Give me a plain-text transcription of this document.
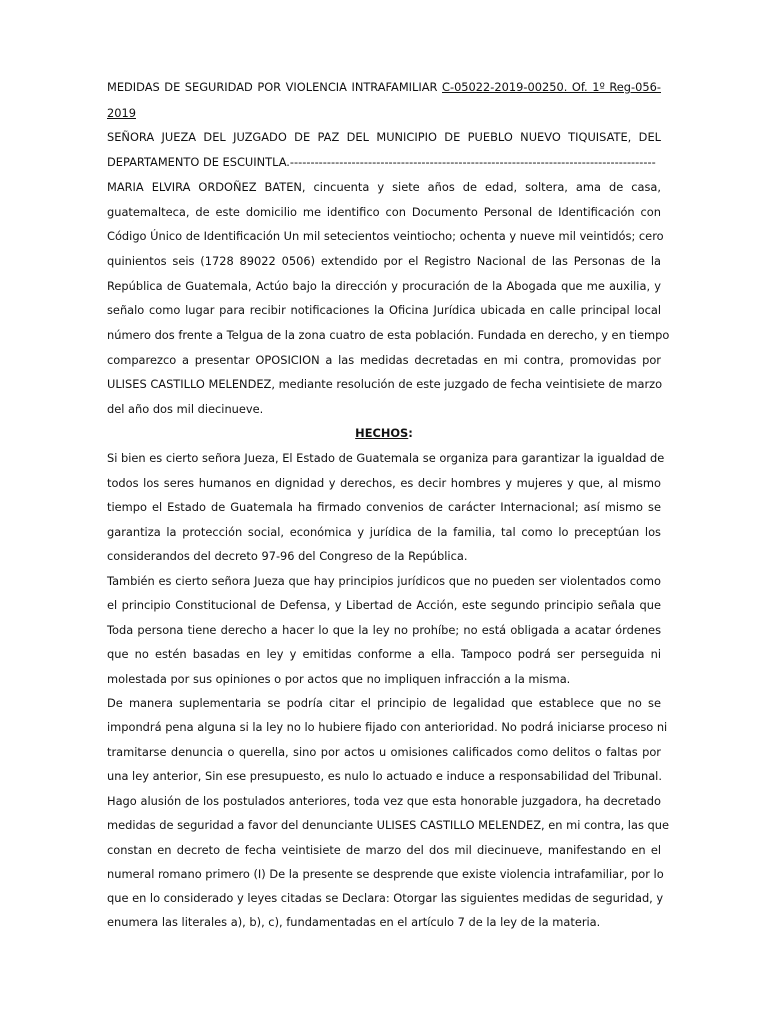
MEDIDAS DE SEGURIDAD POR VIOLENCIA INTRAFAMILIAR C-05022-2019-00250. Of. 1º Reg-056-
2019
SEÑORA JUEZA DEL JUZGADO DE PAZ DEL MUNICIPIO DE PUEBLO NUEVO TIQUISATE, DEL
DEPARTAMENTO DE ESCUINTLA.-----------------------------------------------------------------------------------------
MARIA ELVIRA ORDOÑEZ BATEN, cincuenta y siete años de edad, soltera, ama de casa,
guatemalteca, de este domicilio me identifico con Documento Personal de Identificación con
Código Único de Identificación Un mil setecientos veintiocho; ochenta y nueve mil veintidós; cero
quinientos seis (1728 89022 0506) extendido por el Registro Nacional de las Personas de la
República de Guatemala, Actúo bajo la dirección y procuración de la Abogada que me auxilia, y
señalo como lugar para recibir notificaciones la Oficina Jurídica ubicada en calle principal local
número dos frente a Telgua de la zona cuatro de esta población. Fundada en derecho, y en tiempo
comparezco a presentar OPOSICION a las medidas decretadas en mi contra, promovidas por
ULISES CASTILLO MELENDEZ, mediante resolución de este juzgado de fecha veintisiete de marzo
del año dos mil diecinueve.
HECHOS:
Si bien es cierto señora Jueza, El Estado de Guatemala se organiza para garantizar la igualdad de
todos los seres humanos en dignidad y derechos, es decir hombres y mujeres y que, al mismo
tiempo el Estado de Guatemala ha firmado convenios de carácter Internacional; así mismo se
garantiza la protección social, económica y jurídica de la familia, tal como lo preceptúan los
considerandos del decreto 97-96 del Congreso de la República.
También es cierto señora Jueza que hay principios jurídicos que no pueden ser violentados como
el principio Constitucional de Defensa, y Libertad de Acción, este segundo principio señala que
Toda persona tiene derecho a hacer lo que la ley no prohíbe; no está obligada a acatar órdenes
que no estén basadas en ley y emitidas conforme a ella. Tampoco podrá ser perseguida ni
molestada por sus opiniones o por actos que no impliquen infracción a la misma.
De manera suplementaria se podría citar el principio de legalidad que establece que no se
impondrá pena alguna si la ley no lo hubiere fijado con anterioridad. No podrá iniciarse proceso ni
tramitarse denuncia o querella, sino por actos u omisiones calificados como delitos o faltas por
una ley anterior, Sin ese presupuesto, es nulo lo actuado e induce a responsabilidad del Tribunal.
Hago alusión de los postulados anteriores, toda vez que esta honorable juzgadora, ha decretado
medidas de seguridad a favor del denunciante ULISES CASTILLO MELENDEZ, en mi contra, las que
constan en decreto de fecha veintisiete de marzo del dos mil diecinueve, manifestando en el
numeral romano primero (I) De la presente se desprende que existe violencia intrafamiliar, por lo
que en lo considerado y leyes citadas se Declara: Otorgar las siguientes medidas de seguridad, y
enumera las literales a), b), c), fundamentadas en el artículo 7 de la ley de la materia.
